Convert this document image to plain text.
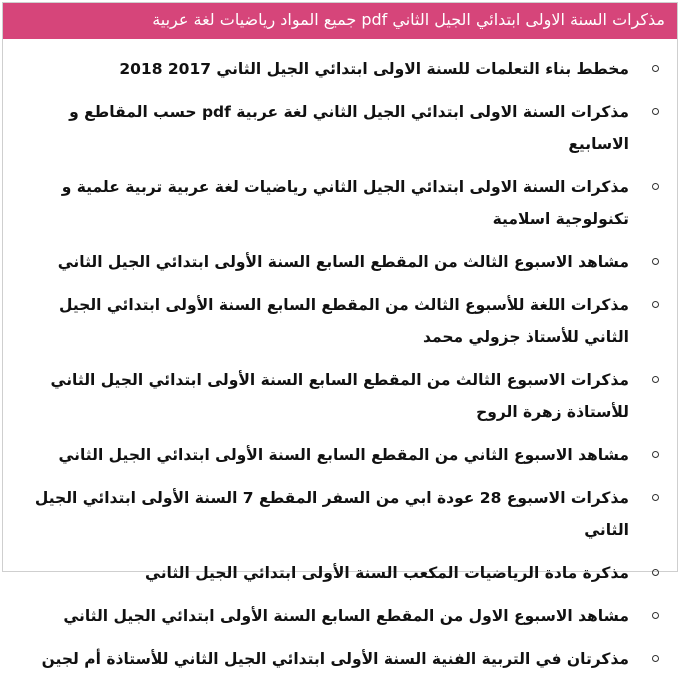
مذكرات السنة الاولى ابتدائي الجيل الثاني pdf جميع المواد رياضيات لغة عربية
مخطط بناء التعلمات للسنة الاولى ابتدائي الجيل الثاني 2017 2018
مذكرات السنة الاولى ابتدائي الجيل الثاني لغة عربية pdf حسب المقاطع و الاسابيع
مذكرات السنة الاولى ابتدائي الجيل الثاني رياضيات لغة عربية تربية علمية و تكنولوجية اسلامية
مشاهد الاسبوع الثالث من المقطع السابع السنة الأولى ابتدائي الجيل الثاني
مذكرات اللغة للأسبوع الثالث من المقطع السابع السنة الأولى ابتدائي الجيل الثاني للأستاذ جزولي محمد
مذكرات الاسبوع الثالث من المقطع السابع السنة الأولى ابتدائي الجيل الثاني للأستاذة زهرة الروح
مشاهد الاسبوع الثاني من المقطع السابع السنة الأولى ابتدائي الجيل الثاني
مذكرات الاسبوع 28 عودة ابي من السفر المقطع 7 السنة الأولى ابتدائي الجيل الثاني
مذكرة مادة الرياضيات المكعب السنة الأولى ابتدائي الجيل الثاني
مشاهد الاسبوع الاول من المقطع السابع السنة الأولى ابتدائي الجيل الثاني
مذكرتان في التربية الفنية السنة الأولى ابتدائي الجيل الثاني للأستاذة أم لجين
